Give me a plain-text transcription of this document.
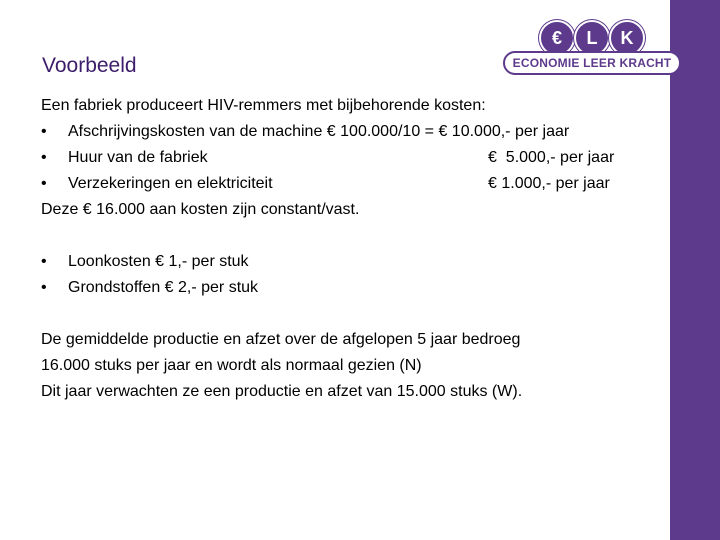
€	L	K
ECONOMIE LEER KRACHT
Voorbeeld
Een fabriek produceert HIV-remmers met bijbehorende kosten:
• Afschrijvingskosten van de machine € 100.000/10 = € 10.000,- per jaar
• Huur van de fabriek	€  5.000,- per jaar
• Verzekeringen en elektriciteit	€ 1.000,- per jaar
Deze € 16.000 aan kosten zijn constant/vast.
• Loonkosten € 1,- per stuk
• Grondstoffen € 2,- per stuk
De gemiddelde productie en afzet over de afgelopen 5 jaar bedroeg
16.000 stuks per jaar en wordt als normaal gezien (N)
Dit jaar verwachten ze een productie en afzet van 15.000 stuks (W).
